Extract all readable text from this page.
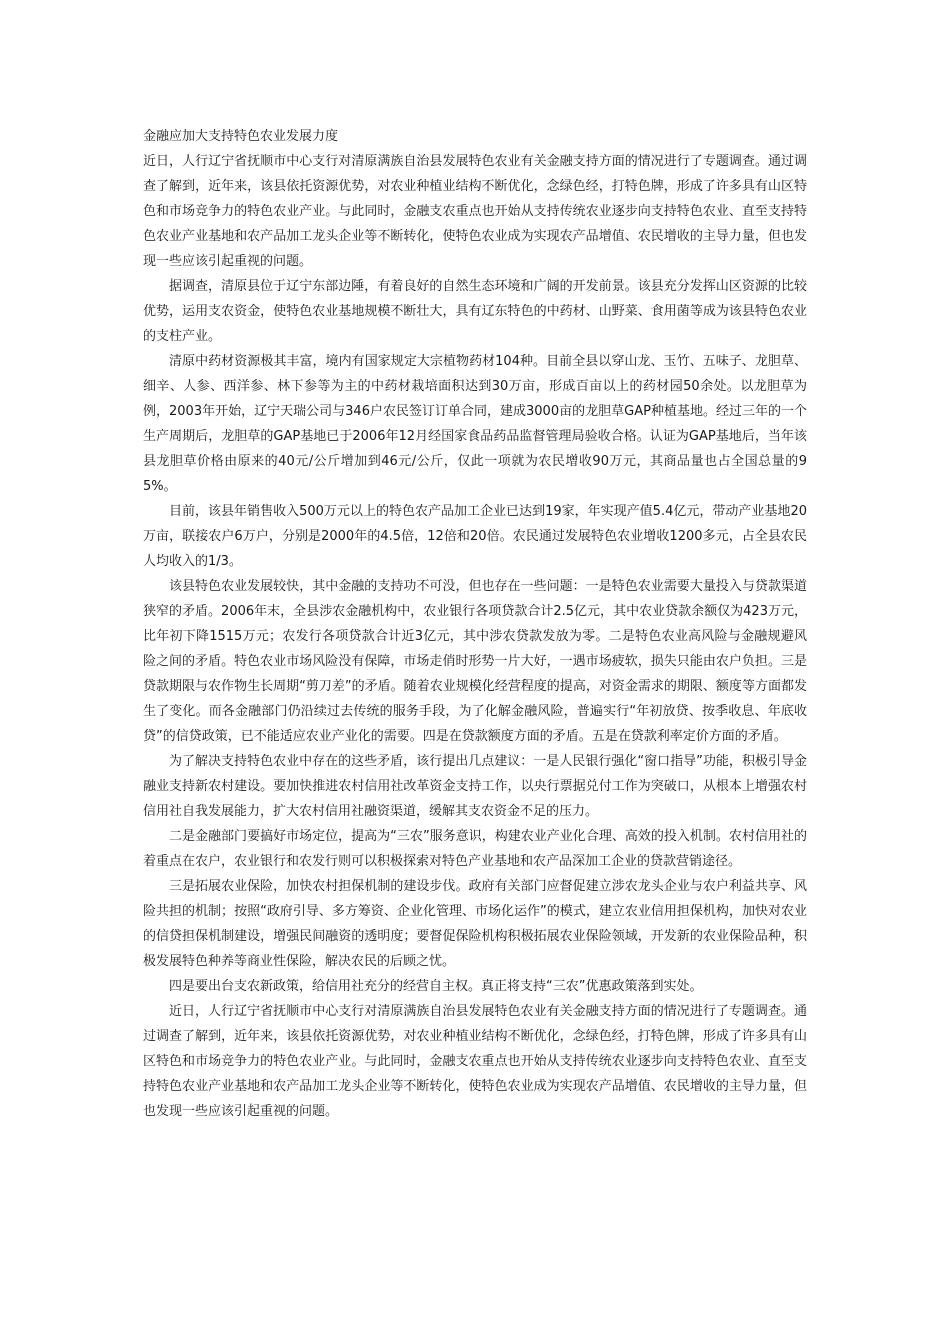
金融应加大支持特色农业发展力度

近日，人行辽宁省抚顺市中心支行对清原满族自治县发展特色农业有关金融支持方面的情况进行了专题调查。通过调查了解到，近年来，该县依托资源优势，对农业种植业结构不断优化，念绿色经，打特色牌，形成了许多具有山区特色和市场竞争力的特色农业产业。与此同时，金融支农重点也开始从支持传统农业逐步向支持特色农业、直至支持特色农业产业基地和农产品加工龙头企业等不断转化，使特色农业成为实现农产品增值、农民增收的主导力量，但也发现一些应该引起重视的问题。

据调查，清原县位于辽宁东部边陲，有着良好的自然生态环境和广阔的开发前景。该县充分发挥山区资源的比较优势，运用支农资金，使特色农业基地规模不断壮大，具有辽东特色的中药材、山野菜、食用菌等成为该县特色农业的支柱产业。

清原中药材资源极其丰富，境内有国家规定大宗植物药材104种。目前全县以穿山龙、玉竹、五味子、龙胆草、细辛、人参、西洋参、林下参等为主的中药材栽培面积达到30万亩，形成百亩以上的药材园50余处。以龙胆草为例，2003年开始，辽宁天瑞公司与346户农民签订订单合同，建成3000亩的龙胆草GAP种植基地。经过三年的一个生产周期后，龙胆草的GAP基地已于2006年12月经国家食品药品监督管理局验收合格。认证为GAP基地后，当年该县龙胆草价格由原来的40元/公斤增加到46元/公斤，仅此一项就为农民增收90万元，其商品量也占全国总量的95%。

目前，该县年销售收入500万元以上的特色农产品加工企业已达到19家，年实现产值5.4亿元，带动产业基地20万亩，联接农户6万户，分别是2000年的4.5倍，12倍和20倍。农民通过发展特色农业增收1200多元，占全县农民人均收入的1/3。

该县特色农业发展较快，其中金融的支持功不可没，但也存在一些问题：一是特色农业需要大量投入与贷款渠道狭窄的矛盾。2006年末，全县涉农金融机构中，农业银行各项贷款合计2.5亿元，其中农业贷款余额仅为423万元，比年初下降1515万元；农发行各项贷款合计近3亿元，其中涉农贷款发放为零。二是特色农业高风险与金融规避风险之间的矛盾。特色农业市场风险没有保障，市场走俏时形势一片大好，一遇市场疲软，损失只能由农户负担。三是贷款期限与农作物生长周期“剪刀差”的矛盾。随着农业规模化经营程度的提高，对资金需求的期限、额度等方面都发生了变化。而各金融部门仍沿续过去传统的服务手段，为了化解金融风险，普遍实行“年初放贷、按季收息、年底收贷”的信贷政策，已不能适应农业产业化的需要。四是在贷款额度方面的矛盾。五是在贷款利率定价方面的矛盾。

为了解决支持特色农业中存在的这些矛盾，该行提出几点建议：一是人民银行强化“窗口指导”功能，积极引导金融业支持新农村建设。要加快推进农村信用社改革资金支持工作，以央行票据兑付工作为突破口，从根本上增强农村信用社自我发展能力，扩大农村信用社融资渠道，缓解其支农资金不足的压力。

二是金融部门要搞好市场定位，提高为“三农”服务意识，构建农业产业化合理、高效的投入机制。农村信用社的着重点在农户，农业银行和农发行则可以积极探索对特色产业基地和农产品深加工企业的贷款营销途径。

三是拓展农业保险，加快农村担保机制的建设步伐。政府有关部门应督促建立涉农龙头企业与农户利益共享、风险共担的机制；按照“政府引导、多方筹资、企业化管理、市场化运作”的模式，建立农业信用担保机构，加快对农业的信贷担保机制建设，增强民间融资的透明度；要督促保险机构积极拓展农业保险领域，开发新的农业保险品种，积极发展特色种养等商业性保险，解决农民的后顾之忧。

四是要出台支农新政策，给信用社充分的经营自主权。真正将支持“三农”优惠政策落到实处。

近日，人行辽宁省抚顺市中心支行对清原满族自治县发展特色农业有关金融支持方面的情况进行了专题调查。通过调查了解到，近年来，该县依托资源优势，对农业种植业结构不断优化，念绿色经，打特色牌，形成了许多具有山区特色和市场竞争力的特色农业产业。与此同时，金融支农重点也开始从支持传统农业逐步向支持特色农业、直至支持特色农业产业基地和农产品加工龙头企业等不断转化，使特色农业成为实现农产品增值、农民增收的主导力量，但也发现一些应该引起重视的问题。
